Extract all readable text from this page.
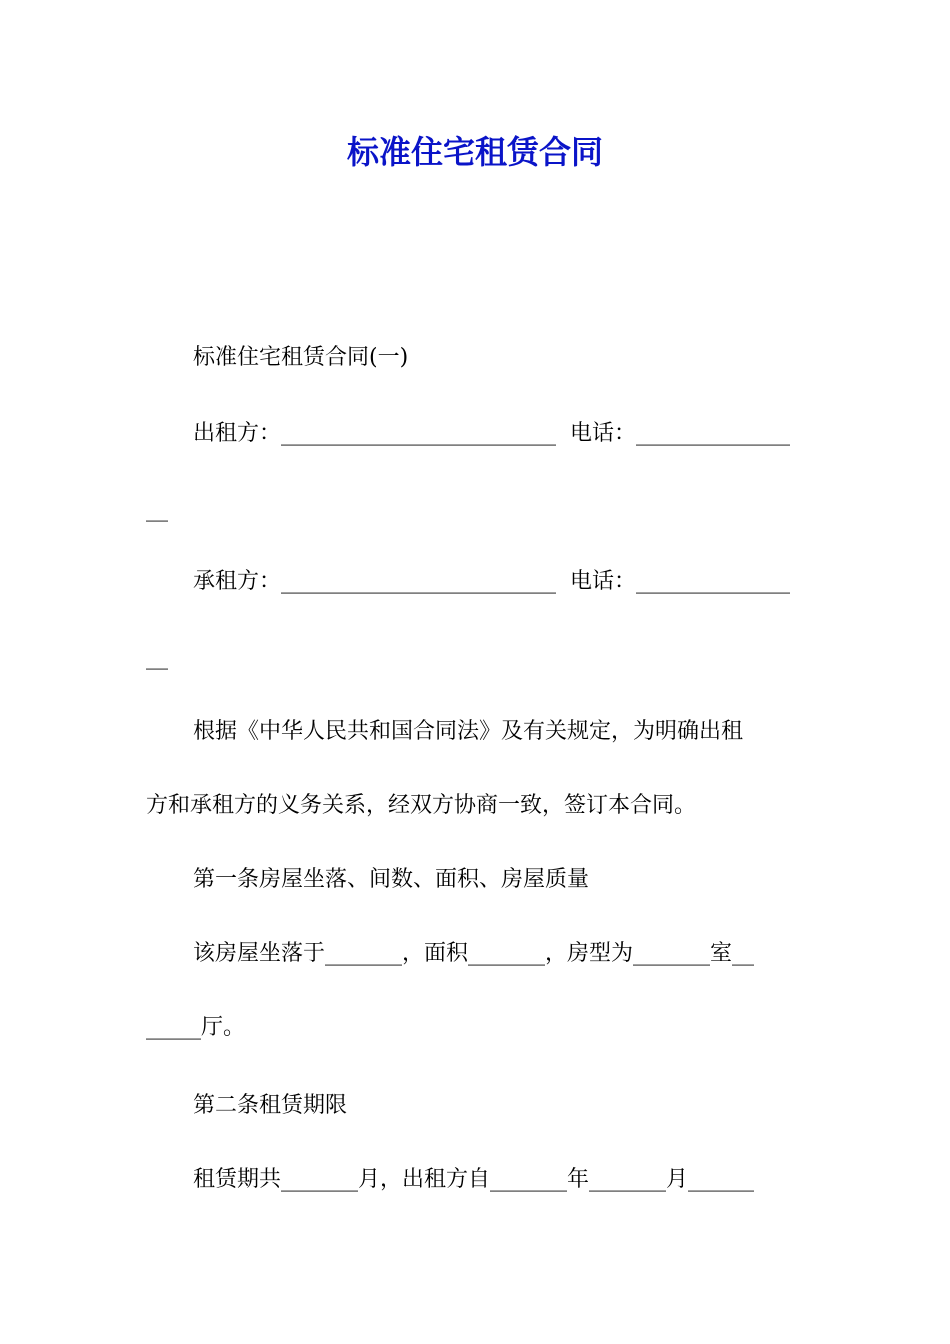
标准住宅租赁合同
标准住宅租赁合同(一)
出租方：_________________________  电话：______________
__
承租方：_________________________  电话：______________
__
根据《中华人民共和国合同法》及有关规定，为明确出租
方和承租方的义务关系，经双方协商一致，签订本合同。
第一条房屋坐落、间数、面积、房屋质量
该房屋坐落于_______，面积_______，房型为_______室__
_____厅。
第二条租赁期限
租赁期共_______月，出租方自_______年_______月______
